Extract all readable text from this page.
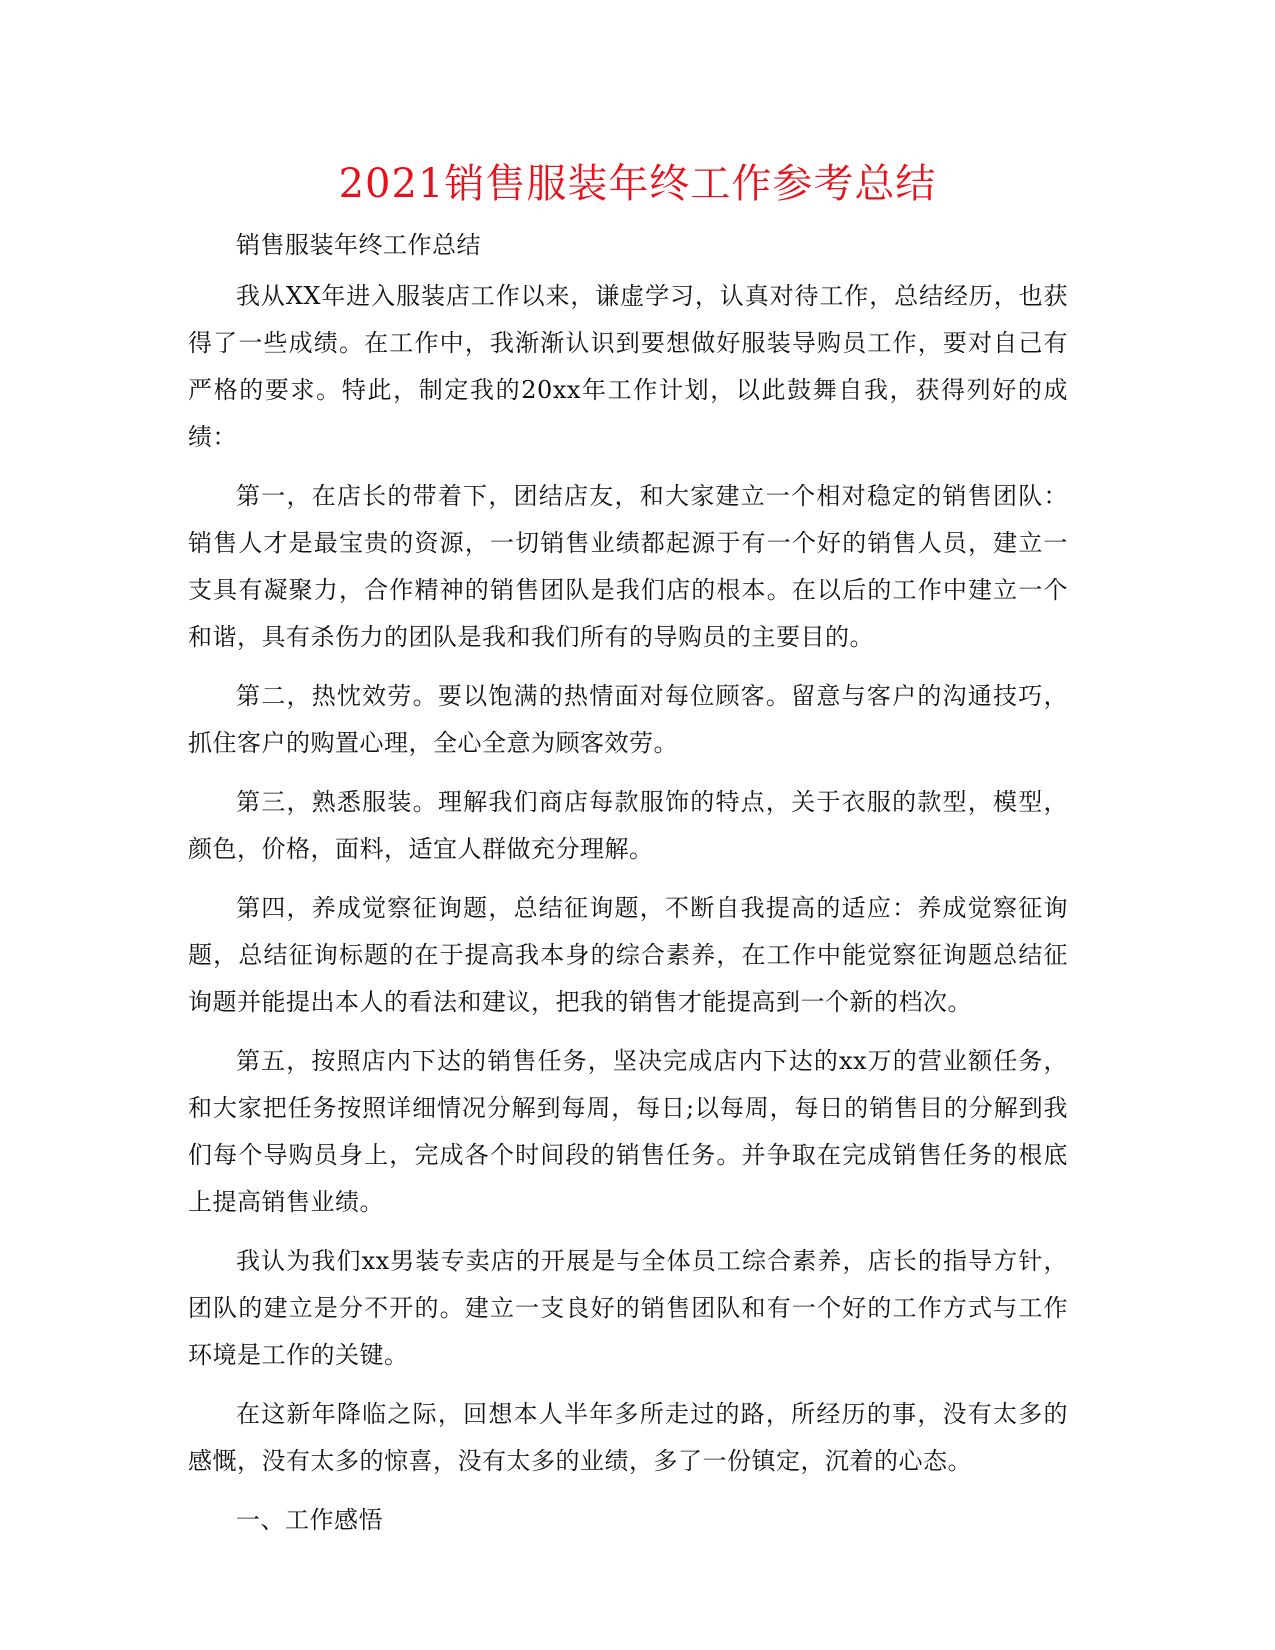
2021销售服装年终工作参考总结

销售服装年终工作总结

我从XX年进入服装店工作以来，谦虚学习，认真对待工作，总结经历，也获得了一些成绩。在工作中，我渐渐认识到要想做好服装导购员工作，要对自己有严格的要求。特此，制定我的20xx年工作计划，以此鼓舞自我，获得列好的成绩：

第一，在店长的带着下，团结店友，和大家建立一个相对稳定的销售团队：销售人才是最宝贵的资源，一切销售业绩都起源于有一个好的销售人员，建立一支具有凝聚力，合作精神的销售团队是我们店的根本。在以后的工作中建立一个和谐，具有杀伤力的团队是我和我们所有的导购员的主要目的。

第二，热忱效劳。要以饱满的热情面对每位顾客。留意与客户的沟通技巧，抓住客户的购置心理，全心全意为顾客效劳。

第三，熟悉服装。理解我们商店每款服饰的特点，关于衣服的款型，模型，颜色，价格，面料，适宜人群做充分理解。

第四，养成觉察征询题，总结征询题，不断自我提高的适应：养成觉察征询题，总结征询标题的在于提高我本身的综合素养，在工作中能觉察征询题总结征询题并能提出本人的看法和建议，把我的销售才能提高到一个新的档次。

第五，按照店内下达的销售任务，坚决完成店内下达的xx万的营业额任务，和大家把任务按照详细情况分解到每周，每日;以每周，每日的销售目的分解到我们每个导购员身上，完成各个时间段的销售任务。并争取在完成销售任务的根底上提高销售业绩。

我认为我们xx男装专卖店的开展是与全体员工综合素养，店长的指导方针，团队的建立是分不开的。建立一支良好的销售团队和有一个好的工作方式与工作环境是工作的关键。

在这新年降临之际，回想本人半年多所走过的路，所经历的事，没有太多的感慨，没有太多的惊喜，没有太多的业绩，多了一份镇定，沉着的心态。

一、工作感悟
